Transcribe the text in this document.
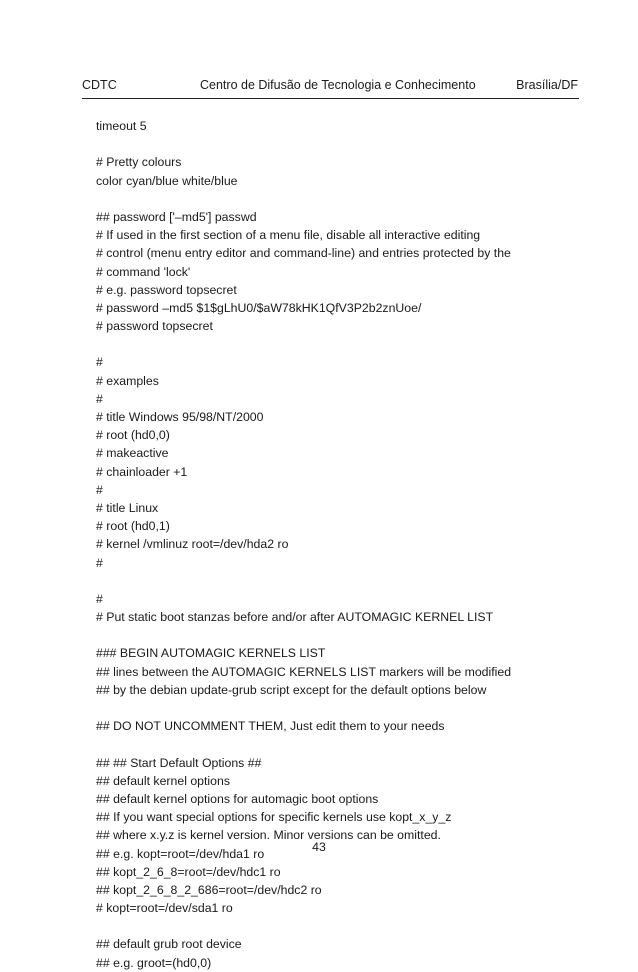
CDTC	Centro de Difusão de Tecnologia e Conhecimento	Brasília/DF
timeout 5
# Pretty colours
color cyan/blue white/blue
## password ['–md5'] passwd
# If used in the first section of a menu file, disable all interactive editing
# control (menu entry editor and command-line) and entries protected by the
# command 'lock'
# e.g. password topsecret
# password –md5 $1$gLhU0/$aW78kHK1QfV3P2b2znUoe/
# password topsecret
#
# examples
#
# title Windows 95/98/NT/2000
# root (hd0,0)
# makeactive
# chainloader +1
#
# title Linux
# root (hd0,1)
# kernel /vmlinuz root=/dev/hda2 ro
#
#
# Put static boot stanzas before and/or after AUTOMAGIC KERNEL LIST
### BEGIN AUTOMAGIC KERNELS LIST
## lines between the AUTOMAGIC KERNELS LIST markers will be modified
## by the debian update-grub script except for the default options below
## DO NOT UNCOMMENT THEM, Just edit them to your needs
## ## Start Default Options ##
## default kernel options
## default kernel options for automagic boot options
## If you want special options for specific kernels use kopt_x_y_z
## where x.y.z is kernel version. Minor versions can be omitted.
## e.g. kopt=root=/dev/hda1 ro
## kopt_2_6_8=root=/dev/hdc1 ro
## kopt_2_6_8_2_686=root=/dev/hdc2 ro
# kopt=root=/dev/sda1 ro
## default grub root device
## e.g. groot=(hd0,0)
43
